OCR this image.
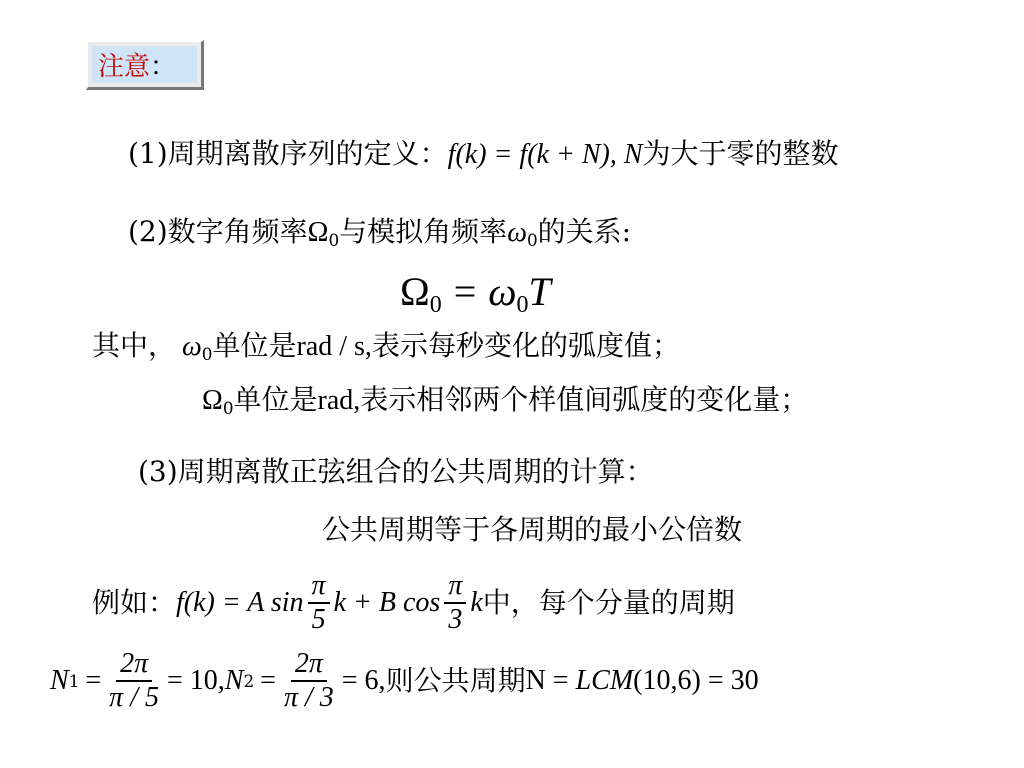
注意 ：
(1)周期离散序列的定义：f(k) = f(k + N), N为大于零的整数
(2)数字角频率$\Omega_0$与模拟角频率$\omega_0$的关系:
$\Omega_0 = \omega_0T$
其中， $\omega_0$单位是rad / s,表示每秒变化的弧度值；
$\Omega_0$单位是rad,表示相邻两个样值间弧度的变化量；
(3)周期离散正弦组合的公共周期的计算：
公共周期等于各周期的最小公倍数
例如：f(k) = A $\sin \frac{\pi}{5}$ k + B $\cos \frac{\pi}{3}$ k中，每个分量的周期
$N1 = \frac{2\pi}{\pi / 5} = 10,N2 = \frac{2\pi}{\pi / 3} = 6$,则公共周期N = LCM(10,6) = 30
